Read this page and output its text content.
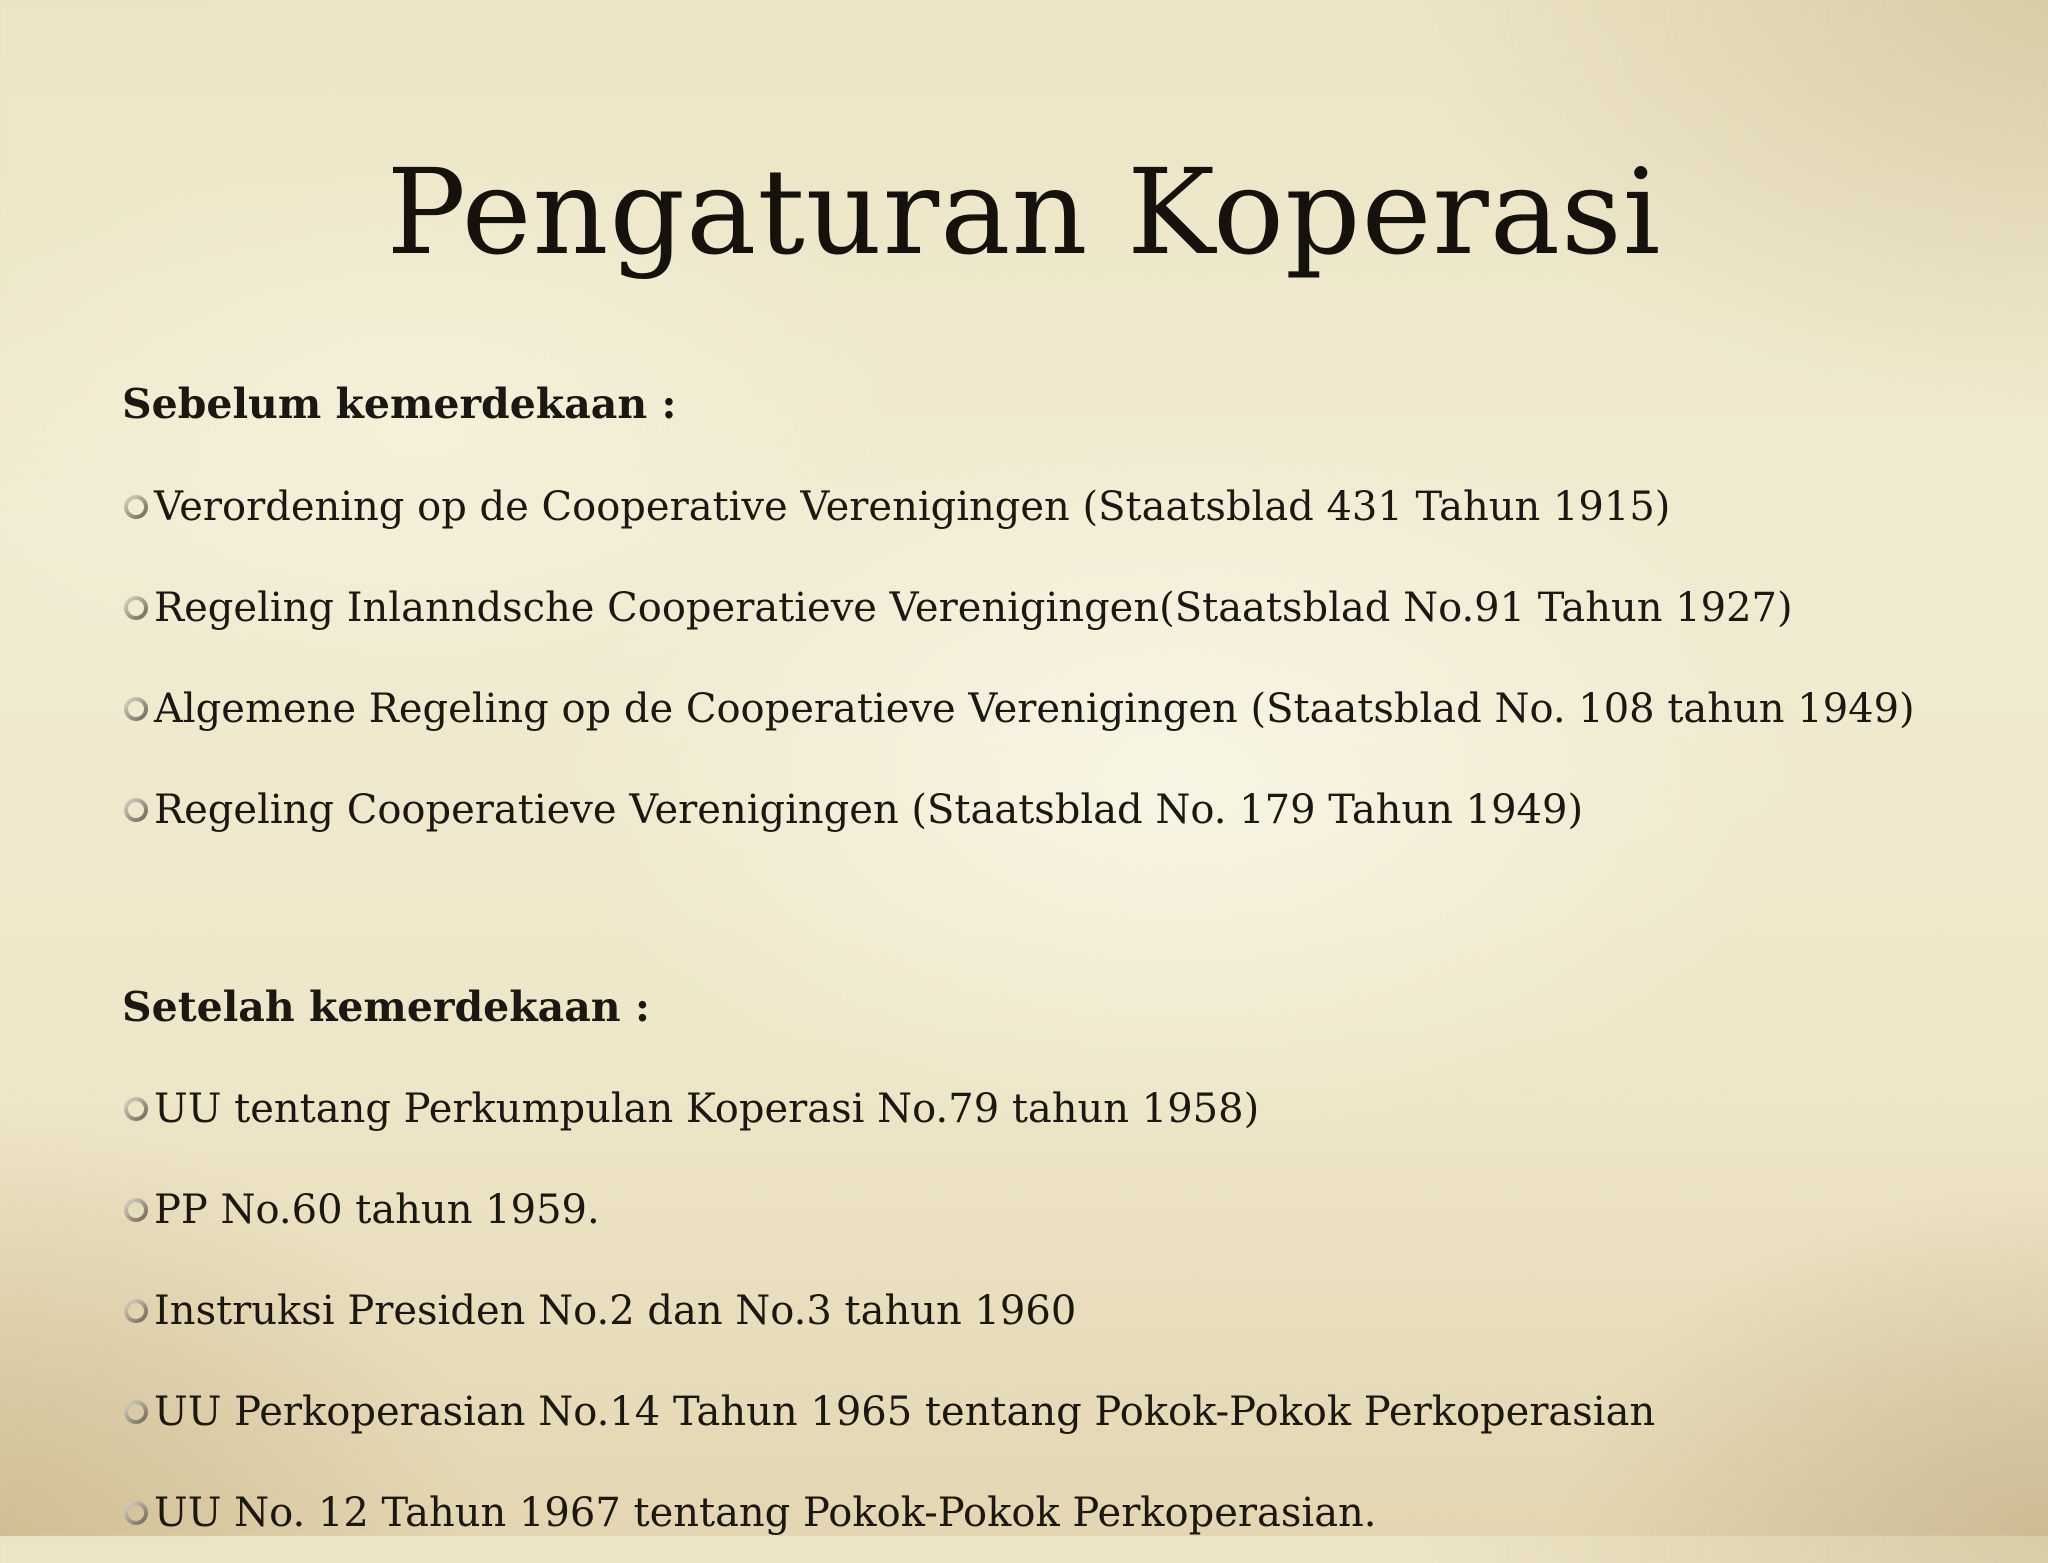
Pengaturan Koperasi
Sebelum kemerdekaan :
Verordening op de Cooperative Verenigingen (Staatsblad 431 Tahun 1915)
Regeling Inlanndsche Cooperatieve Verenigingen(Staatsblad No.91 Tahun 1927)
Algemene Regeling op de Cooperatieve Verenigingen (Staatsblad No. 108 tahun 1949)
Regeling Cooperatieve Verenigingen (Staatsblad No. 179 Tahun 1949)
Setelah kemerdekaan :
UU tentang Perkumpulan Koperasi No.79 tahun 1958)
PP No.60 tahun 1959.
Instruksi Presiden No.2 dan No.3 tahun 1960
UU Perkoperasian No.14 Tahun 1965 tentang Pokok-Pokok Perkoperasian
UU No. 12 Tahun 1967 tentang Pokok-Pokok Perkoperasian.
